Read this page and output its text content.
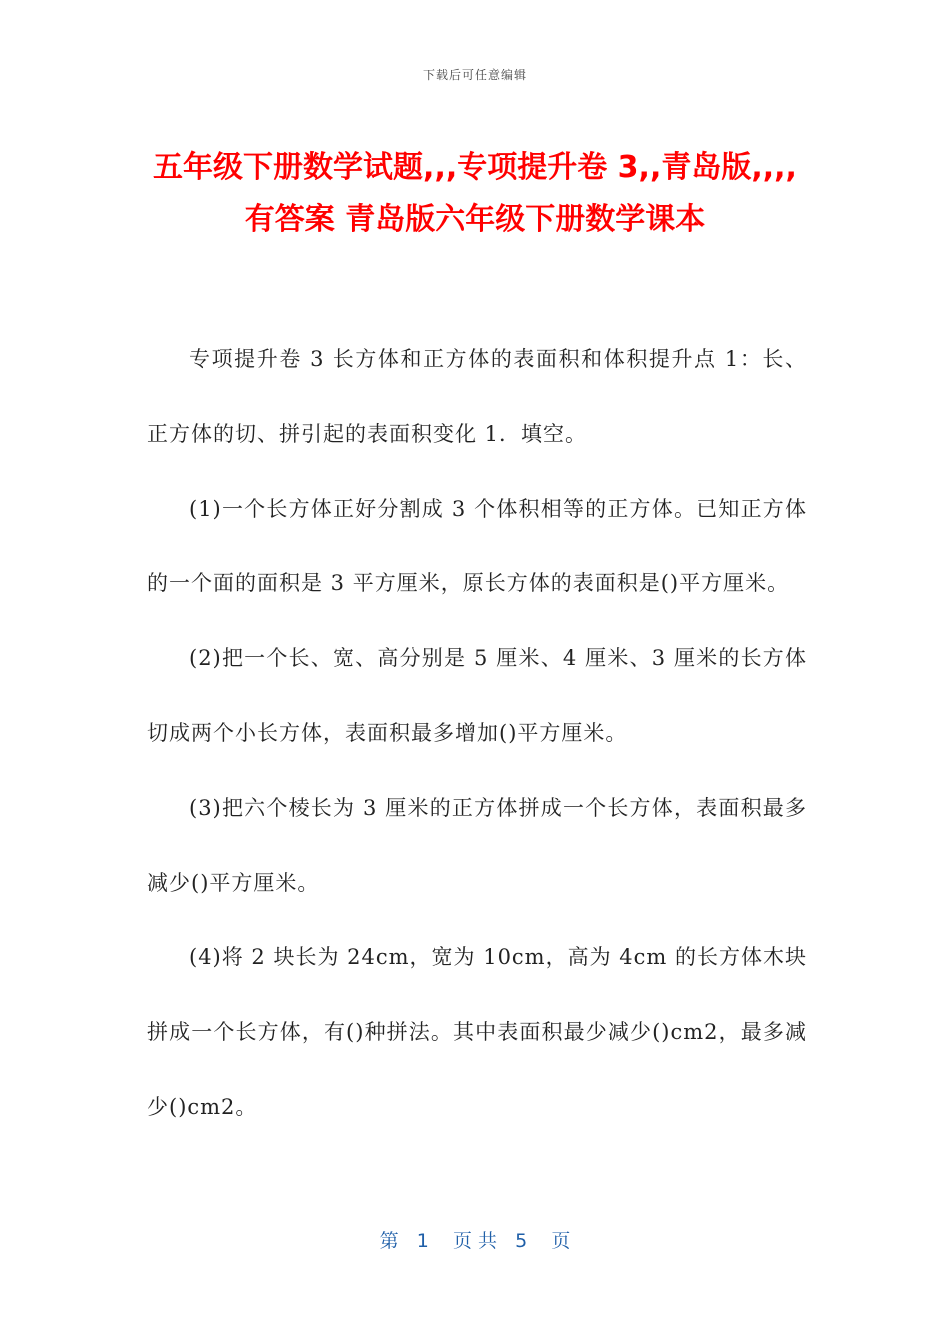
下载后可任意编辑
五年级下册数学试题,,,专项提升卷 3,,青岛版,,,,有答案 青岛版六年级下册数学课本

专项提升卷 3 长方体和正方体的表面积和体积提升点 1：长、正方体的切、拼引起的表面积变化 1．填空。

(1)一个长方体正好分割成 3 个体积相等的正方体。已知正方体的一个面的面积是 3 平方厘米，原长方体的表面积是()平方厘米。

(2)把一个长、宽、高分别是 5 厘米、4 厘米、3 厘米的长方体切成两个小长方体，表面积最多增加()平方厘米。

(3)把六个棱长为 3 厘米的正方体拼成一个长方体，表面积最多减少()平方厘米。

(4)将 2 块长为 24cm，宽为 10cm，高为 4cm 的长方体木块拼成一个长方体，有()种拼法。其中表面积最少减少()cm2，最多减少()cm2。

第   1    页 共   5    页
